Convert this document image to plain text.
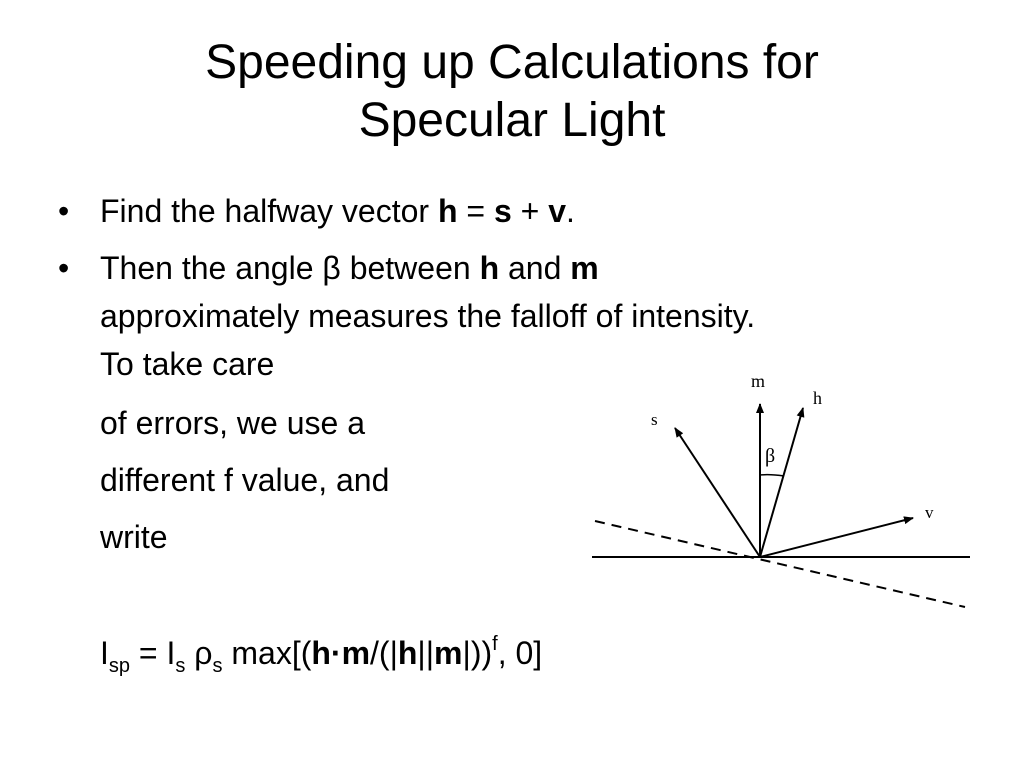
Speeding up Calculations for
Specular Light
• Find the halfway vector h = s + v.
• Then the angle β between h and m
approximately measures the falloff of intensity.
To take care
of errors, we use a
different f value, and
write
$I_{sp} = I_s$ $\rho_s$ $\max[(h\cdot m/(|h||m|))^f$, 0]
m
h
s
β
v
